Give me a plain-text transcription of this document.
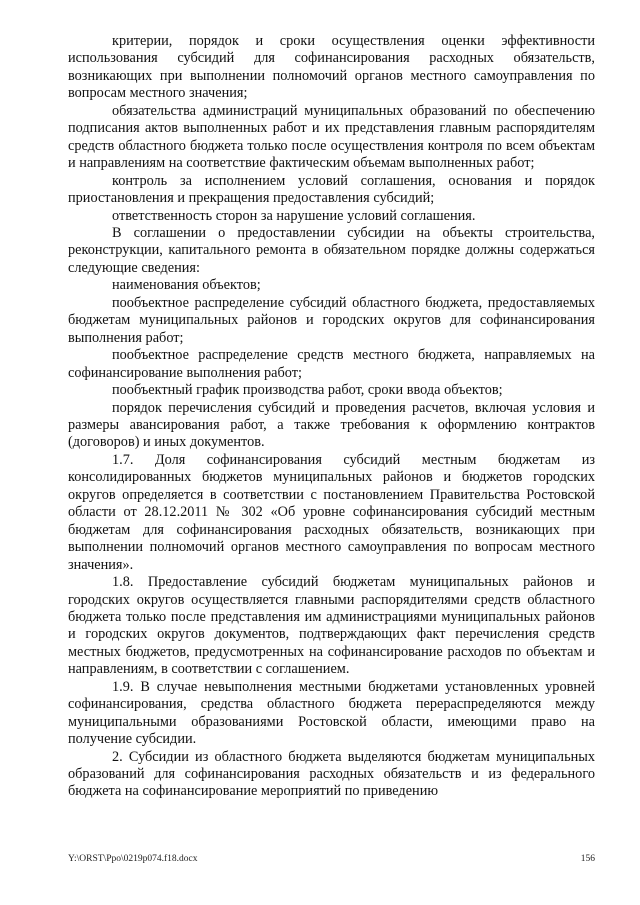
критерии, порядок и сроки осуществления оценки эффективности использования субсидий для софинансирования расходных обязательств, возникающих при выполнении полномочий органов местного самоуправления по вопросам местного значения;

обязательства администраций муниципальных образований по обеспечению подписания актов выполненных работ и их представления главным распорядителям средств областного бюджета только после осуществления контроля по всем объектам и направлениям на соответствие фактическим объемам выполненных работ;

контроль за исполнением условий соглашения, основания и порядок приостановления и прекращения предоставления субсидий;

ответственность сторон за нарушение условий соглашения.

В соглашении о предоставлении субсидии на объекты строительства, реконструкции, капитального ремонта в обязательном порядке должны содержаться следующие сведения:

наименования объектов;

пообъектное распределение субсидий областного бюджета, предоставляемых бюджетам муниципальных районов и городских округов для софинансирования выполнения работ;

пообъектное распределение средств местного бюджета, направляемых на софинансирование выполнения работ;

пообъектный график производства работ, сроки ввода объектов;

порядок перечисления субсидий и проведения расчетов, включая условия и размеры авансирования работ, а также требования к оформлению контрактов (договоров) и иных документов.

1.7. Доля софинансирования субсидий местным бюджетам из консолидированных бюджетов муниципальных районов и бюджетов городских округов определяется в соответствии с постановлением Правительства Ростовской области от 28.12.2011 № 302 «Об уровне софинансирования субсидий местным бюджетам для софинансирования расходных обязательств, возникающих при выполнении полномочий органов местного самоуправления по вопросам местного значения».

1.8. Предоставление субсидий бюджетам муниципальных районов и городских округов осуществляется главными распорядителями средств областного бюджета только после представления им администрациями муниципальных районов и городских округов документов, подтверждающих факт перечисления средств местных бюджетов, предусмотренных на софинансирование расходов по объектам и направлениям, в соответствии с соглашением.

1.9. В случае невыполнения местными бюджетами установленных уровней софинансирования, средства областного бюджета перераспределяются между муниципальными образованиями Ростовской области, имеющими право на получение субсидии.

2. Субсидии из областного бюджета выделяются бюджетам муниципальных образований для софинансирования расходных обязательств и из федерального бюджета на софинансирование мероприятий по приведению

Y:\ORST\Ppo\0219p074.f18.docx	156
